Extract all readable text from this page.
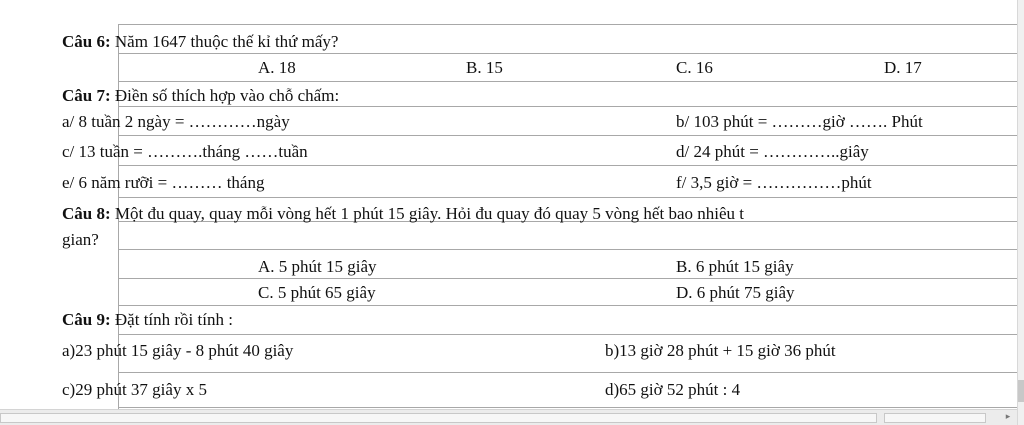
Câu 6: Năm 1647 thuộc thế kỉ thứ mấy?
A. 18	B. 15	C. 16	D. 17
Câu 7: Điền số thích hợp vào chỗ chấm:
a/ 8 tuần 2 ngày = …………ngày	b/ 103 phút = ………giờ ……. Phút
c/ 13 tuần = ……….tháng ……tuần	d/ 24 phút = …………..giây
e/ 6 năm rưỡi = ……… tháng	f/ 3,5 giờ = ……………phút
Câu 8: Một đu quay, quay mỗi vòng hết 1 phút 15 giây. Hỏi đu quay đó quay 5 vòng hết bao nhiêu t
gian?
A. 5 phút 15 giây	B. 6 phút 15 giây
C. 5 phút 65 giây	D. 6 phút 75 giây
Câu 9: Đặt tính rồi tính :
a)23 phút 15 giây - 8 phút 40 giây	b)13 giờ 28 phút + 15 giờ 36 phút
c)29 phút 37 giây x 5	d)65 giờ 52 phút : 4
▸
